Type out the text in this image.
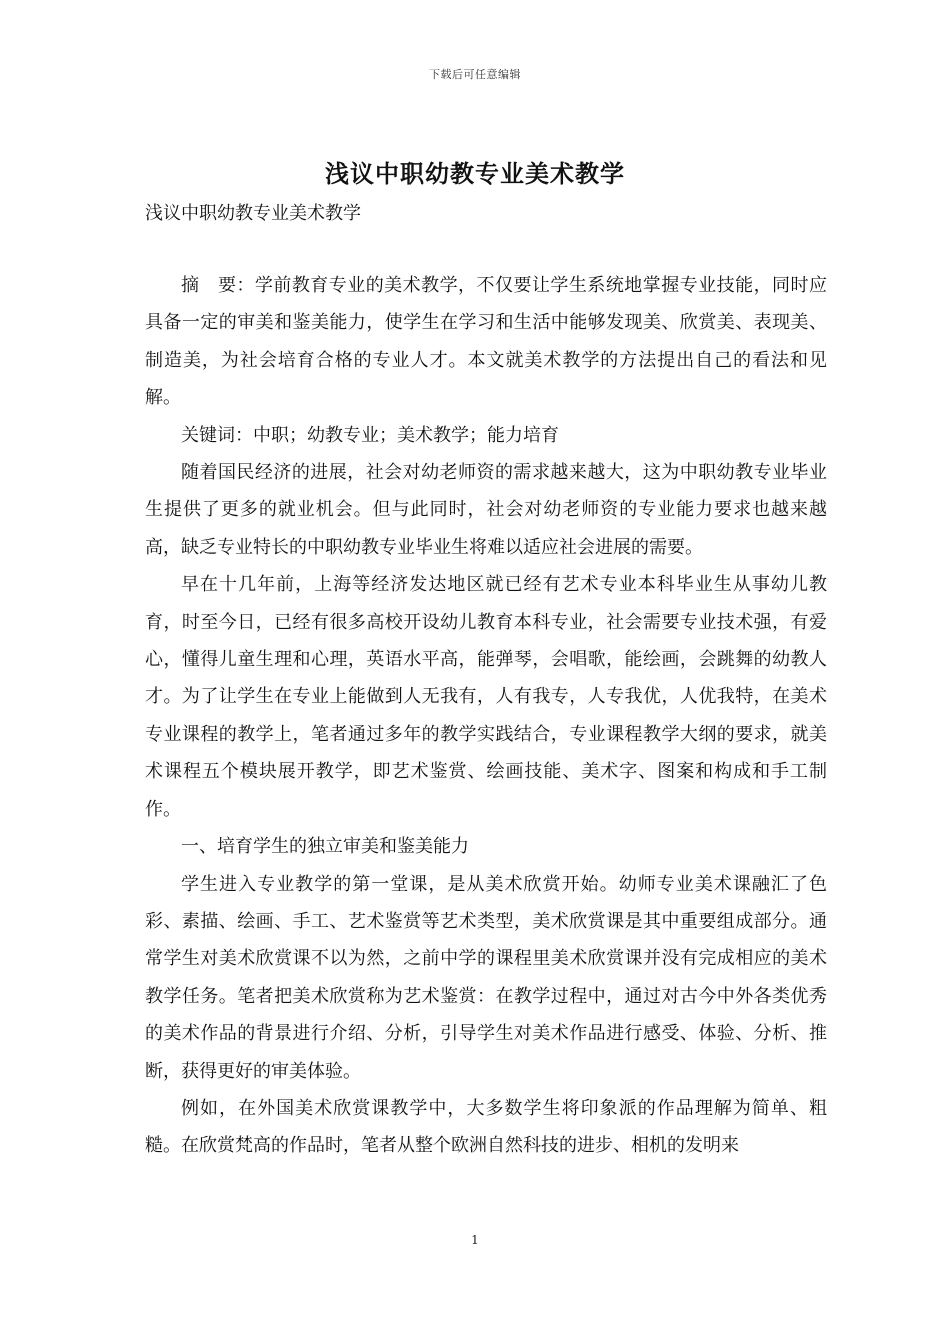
下载后可任意编辑
浅议中职幼教专业美术教学

浅议中职幼教专业美术教学

摘　要：学前教育专业的美术教学，不仅要让学生系统地掌握专业技能，同时应具备一定的审美和鉴美能力，使学生在学习和生活中能够发现美、欣赏美、表现美、制造美，为社会培育合格的专业人才。本文就美术教学的方法提出自己的看法和见解。

关键词：中职；幼教专业；美术教学；能力培育

随着国民经济的进展，社会对幼老师资的需求越来越大，这为中职幼教专业毕业生提供了更多的就业机会。但与此同时，社会对幼老师资的专业能力要求也越来越高，缺乏专业特长的中职幼教专业毕业生将难以适应社会进展的需要。

早在十几年前，上海等经济发达地区就已经有艺术专业本科毕业生从事幼儿教育，时至今日，已经有很多高校开设幼儿教育本科专业，社会需要专业技术强，有爱心，懂得儿童生理和心理，英语水平高，能弹琴，会唱歌，能绘画，会跳舞的幼教人才。为了让学生在专业上能做到人无我有，人有我专，人专我优，人优我特，在美术专业课程的教学上，笔者通过多年的教学实践结合，专业课程教学大纲的要求，就美术课程五个模块展开教学，即艺术鉴赏、绘画技能、美术字、图案和构成和手工制作。

一、培育学生的独立审美和鉴美能力

学生进入专业教学的第一堂课，是从美术欣赏开始。幼师专业美术课融汇了色彩、素描、绘画、手工、艺术鉴赏等艺术类型，美术欣赏课是其中重要组成部分。通常学生对美术欣赏课不以为然，之前中学的课程里美术欣赏课并没有完成相应的美术教学任务。笔者把美术欣赏称为艺术鉴赏：在教学过程中，通过对古今中外各类优秀的美术作品的背景进行介绍、分析，引导学生对美术作品进行感受、体验、分析、推断，获得更好的审美体验。

例如，在外国美术欣赏课教学中，大多数学生将印象派的作品理解为简单、粗糙。在欣赏梵高的作品时，笔者从整个欧洲自然科技的进步、相机的发明来

1
